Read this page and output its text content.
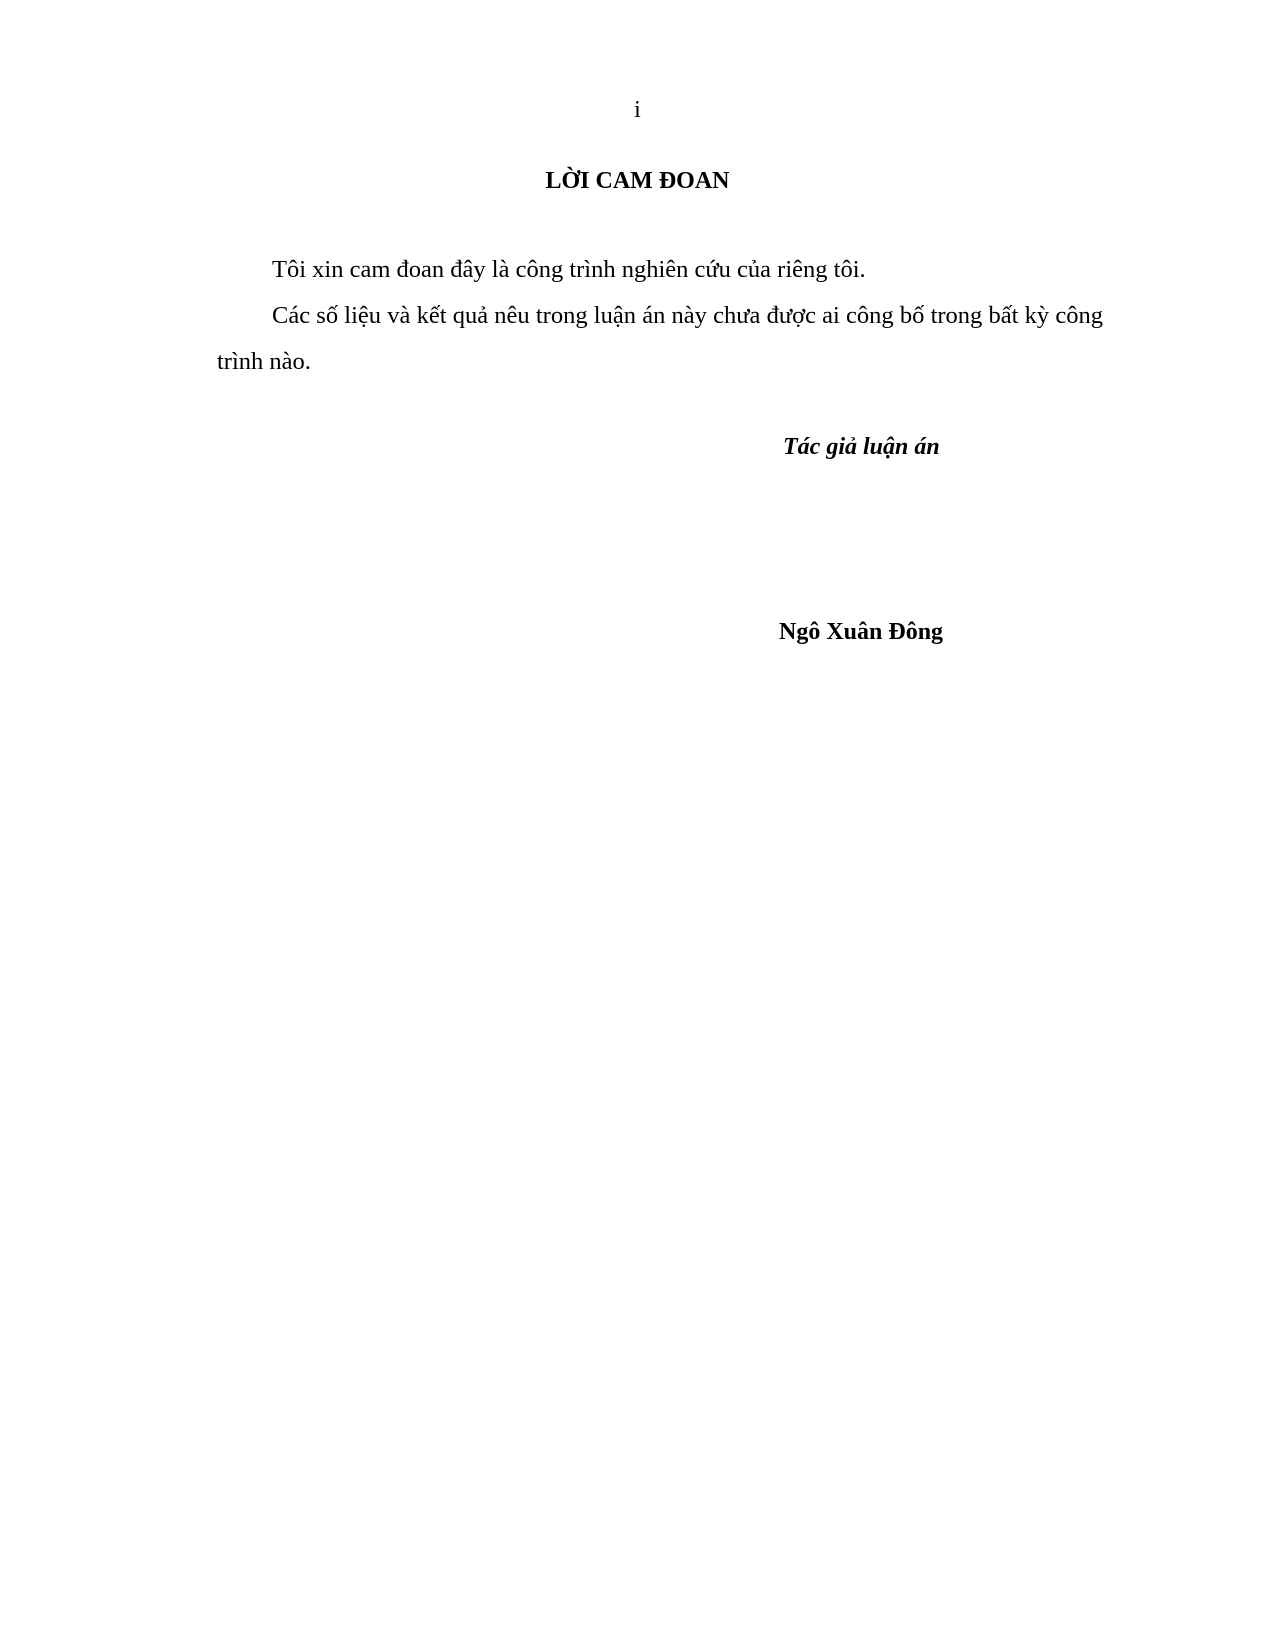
i
LỜI CAM ĐOAN

Tôi xin cam đoan đây là công trình nghiên cứu của riêng tôi.

Các số liệu và kết quả nêu trong luận án này chưa được ai công bố trong bất kỳ công trình nào.

Tác giả luận án
Ngô Xuân Đông
